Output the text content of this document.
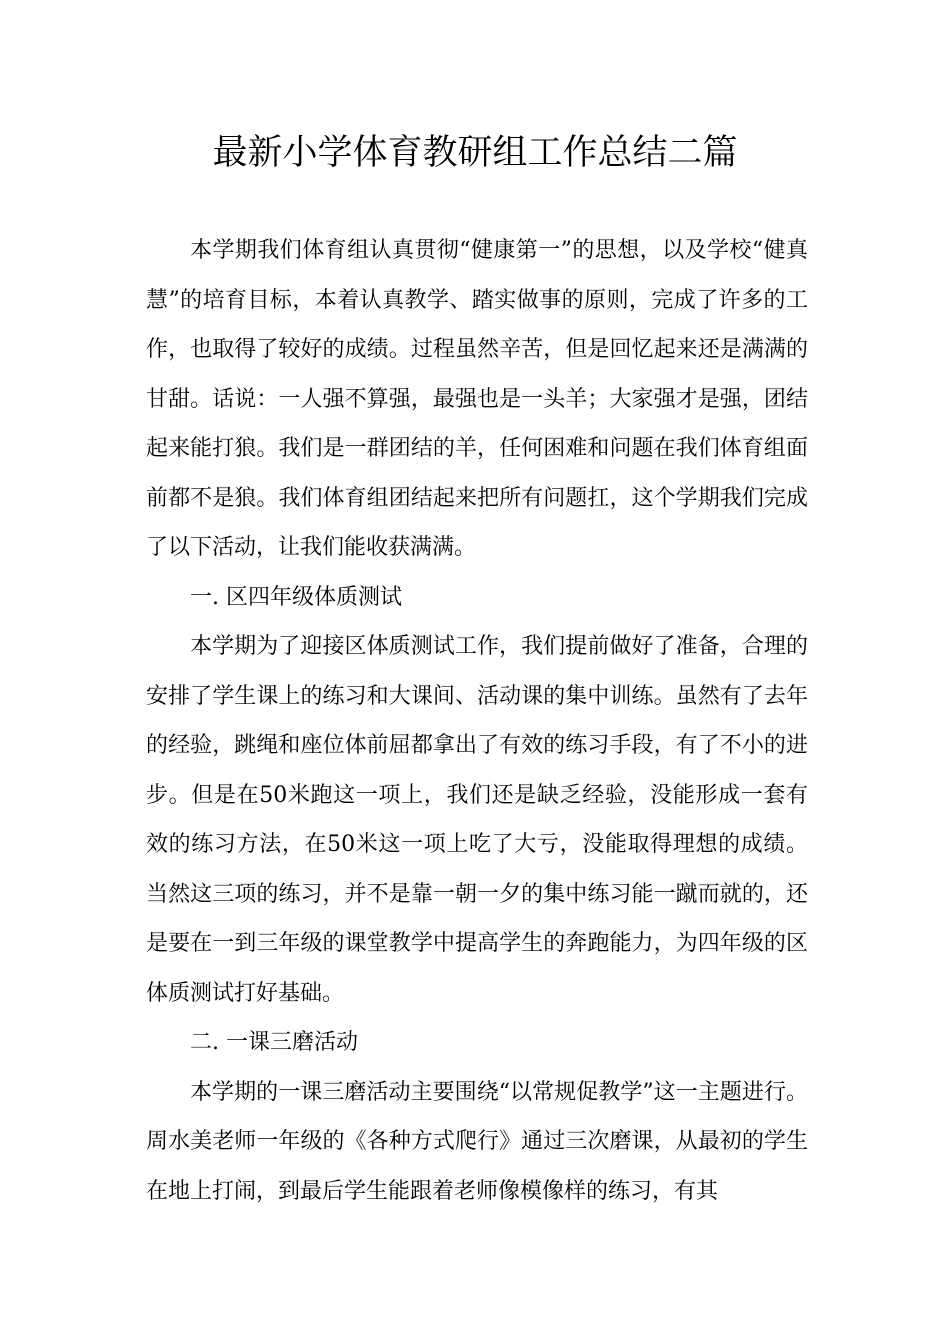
最新小学体育教研组工作总结二篇

本学期我们体育组认真贯彻“健康第一”的思想，以及学校“健真慧”的培育目标，本着认真教学、踏实做事的原则，完成了许多的工作，也取得了较好的成绩。过程虽然辛苦，但是回忆起来还是满满的甘甜。话说：一人强不算强，最强也是一头羊；大家强才是强，团结起来能打狼。我们是一群团结的羊，任何困难和问题在我们体育组面前都不是狼。我们体育组团结起来把所有问题扛，这个学期我们完成了以下活动，让我们能收获满满。

一. 区四年级体质测试

本学期为了迎接区体质测试工作，我们提前做好了准备，合理的安排了学生课上的练习和大课间、活动课的集中训练。虽然有了去年的经验，跳绳和座位体前屈都拿出了有效的练习手段，有了不小的进步。但是在50米跑这一项上，我们还是缺乏经验，没能形成一套有效的练习方法，在50米这一项上吃了大亏，没能取得理想的成绩。当然这三项的练习，并不是靠一朝一夕的集中练习能一蹴而就的，还是要在一到三年级的课堂教学中提高学生的奔跑能力，为四年级的区体质测试打好基础。

二. 一课三磨活动

本学期的一课三磨活动主要围绕“以常规促教学”这一主题进行。周水美老师一年级的《各种方式爬行》通过三次磨课，从最初的学生在地上打闹，到最后学生能跟着老师像模像样的练习，有其
